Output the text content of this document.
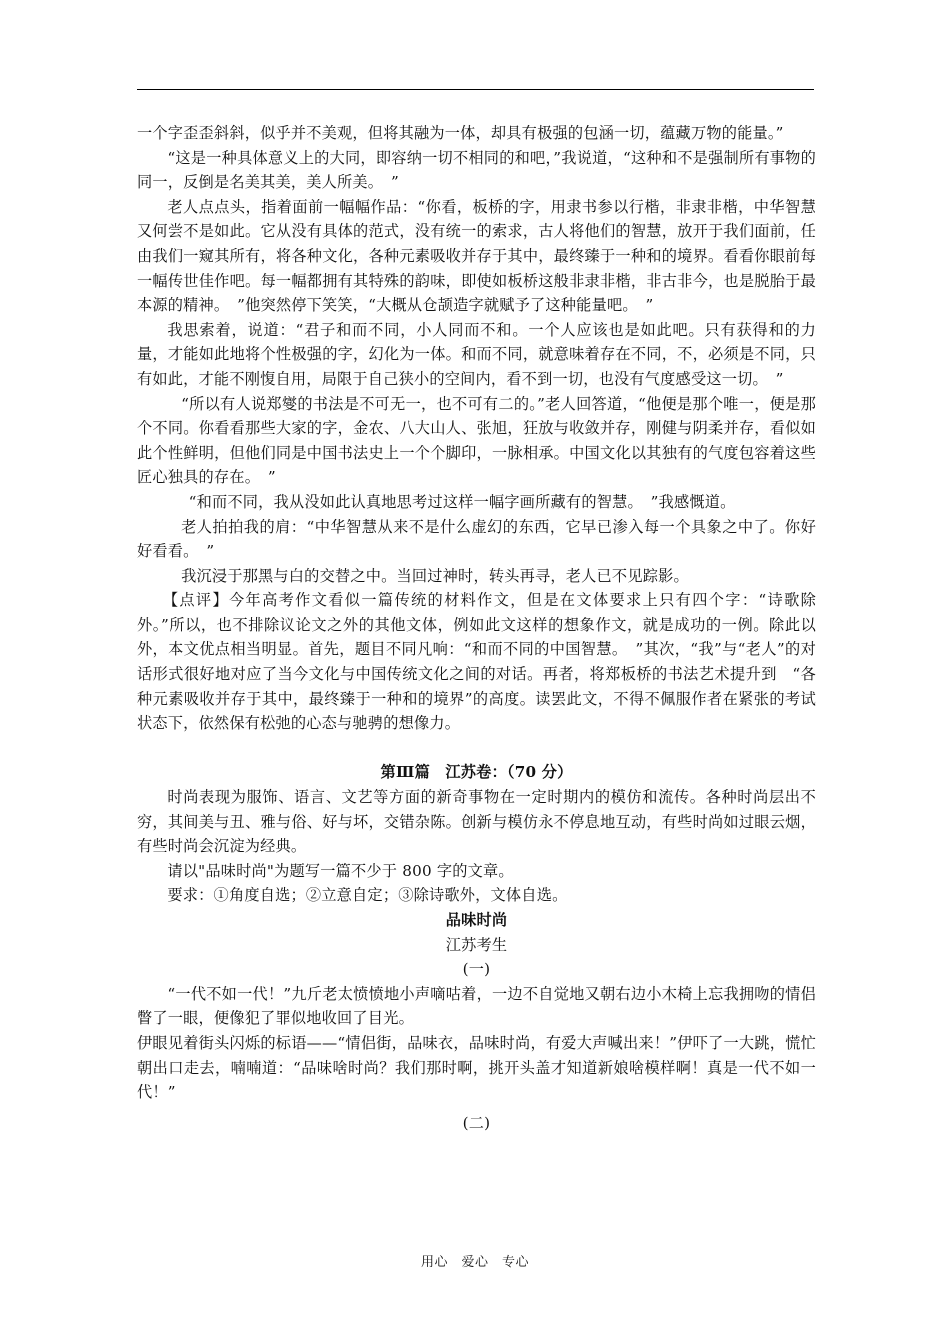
一个字歪歪斜斜，似乎并不美观，但将其融为一体，却具有极强的包涵一切，蕴藏万物的能量。”

“这是一种具体意义上的大同，即容纳一切不相同的和吧，”我说道，“这种和不是强制所有事物的同一，反倒是名美其美，美人所美。　”

老人点点头，指着面前一幅幅作品：“你看，板桥的字，用隶书参以行楷，非隶非楷，中华智慧又何尝不是如此。它从没有具体的范式，没有统一的索求，古人将他们的智慧，放开于我们面前，任由我们一窥其所有，将各种文化，各种元素吸收并存于其中，最终臻于一种和的境界。看看你眼前每一幅传世佳作吧。每一幅都拥有其特殊的韵味，即使如板桥这般非隶非楷，非古非今，也是脱胎于最本源的精神。　”他突然停下笑笑，“大概从仓颉造字就赋予了这种能量吧。　”

我思索着，说道：“君子和而不同，小人同而不和。一个人应该也是如此吧。只有获得和的力量，才能如此地将个性极强的字，幻化为一体。和而不同，就意味着存在不同，不，必须是不同，只有如此，才能不刚愎自用，局限于自己狭小的空间内，看不到一切，也没有气度感受这一切。　”

“所以有人说郑燮的书法是不可无一，也不可有二的。”老人回答道，“他便是那个唯一，便是那个不同。你看看那些大家的字，金农、八大山人、张旭，狂放与收敛并存，刚健与阴柔并存，看似如此个性鲜明，但他们同是中国书法史上一个个脚印，一脉相承。中国文化以其独有的气度包容着这些匠心独具的存在。　”

“和而不同，我从没如此认真地思考过这样一幅字画所藏有的智慧。　”我感慨道。

老人拍拍我的肩：“中华智慧从来不是什么虚幻的东西，它早已渗入每一个具象之中了。你好好看看。　”

我沉浸于那黑与白的交替之中。当回过神时，转头再寻，老人已不见踪影。

【点评】今年高考作文看似一篇传统的材料作文，但是在文体要求上只有四个字：“诗歌除外。”所以，也不排除议论文之外的其他文体，例如此文这样的想象作文，就是成功的一例。除此以外，本文优点相当明显。首先，题目不同凡响：“和而不同的中国智慧。　”其次，“我”与“老人”的对话形式很好地对应了当今文化与中国传统文化之间的对话。再者，将郑板桥的书法艺术提升到　“各种元素吸收并存于其中，最终臻于一种和的境界”的高度。读罢此文，不得不佩服作者在紧张的考试状态下，依然保有松弛的心态与驰骋的想像力。

第Ⅲ篇　江苏卷：（70 分）

时尚表现为服饰、语言、文艺等方面的新奇事物在一定时期内的模仿和流传。各种时尚层出不穷，其间美与丑、雅与俗、好与坏，交错杂陈。创新与模仿永不停息地互动，有些时尚如过眼云烟，有些时尚会沉淀为经典。

请以"品味时尚"为题写一篇不少于 800 字的文章。

要求：①角度自选；②立意自定；③除诗歌外，文体自选。

品味时尚

江苏考生

(一)

“一代不如一代！”九斤老太愤愤地小声嘀咕着，一边不自觉地又朝右边小木椅上忘我拥吻的情侣瞥了一眼，便像犯了罪似地收回了目光。

伊眼见着街头闪烁的标语——“情侣街，品味衣，品味时尚，有爱大声喊出来！”伊吓了一大跳，慌忙朝出口走去，喃喃道：“品味啥时尚？我们那时啊，挑开头盖才知道新娘啥模样啊！真是一代不如一代！”

(二)

用心　爱心　专心
